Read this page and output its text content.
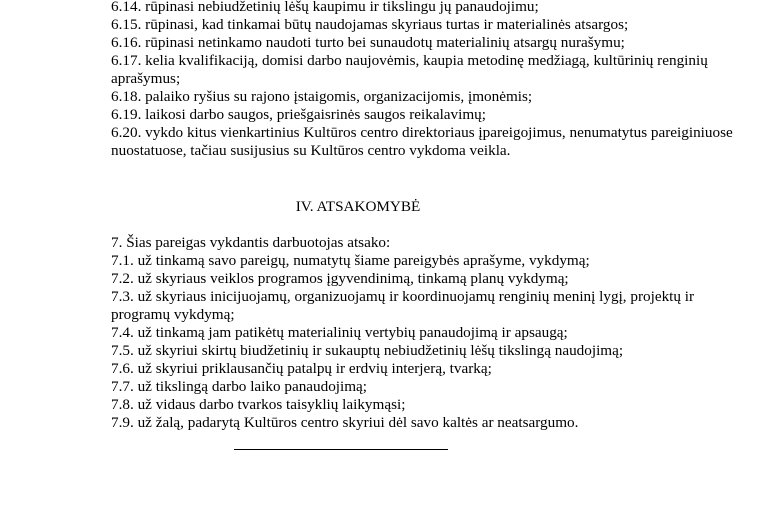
6.14. rūpinasi nebiudžetinių lėšų kaupimu ir tikslingu jų panaudojimu;

6.15. rūpinasi, kad tinkamai būtų naudojamas skyriaus turtas ir materialinės atsargos;

6.16. rūpinasi netinkamo naudoti turto bei sunaudotų materialinių atsargų nurašymu;

6.17. kelia kvalifikaciją, domisi darbo naujovėmis, kaupia metodinę medžiagą, kultūrinių renginių aprašymus;

6.18. palaiko ryšius su rajono įstaigomis, organizacijomis, įmonėmis;

6.19. laikosi darbo saugos, priešgaisrinės saugos reikalavimų;

6.20. vykdo kitus vienkartinius Kultūros centro direktoriaus įpareigojimus, nenumatytus pareiginiuose nuostatuose, tačiau susijusius su Kultūros centro vykdoma veikla.

IV. ATSAKOMYBĖ

7. Šias pareigas vykdantis darbuotojas atsako:

7.1. už tinkamą savo pareigų, numatytų šiame pareigybės aprašyme, vykdymą;

7.2. už skyriaus veiklos programos įgyvendinimą, tinkamą planų vykdymą;

7.3. už skyriaus inicijuojamų, organizuojamų ir koordinuojamų renginių meninį lygį, projektų ir programų vykdymą;

7.4. už tinkamą jam patikėtų materialinių vertybių panaudojimą ir apsaugą;

7.5. už skyriui skirtų biudžetinių ir sukauptų nebiudžetinių lėšų tikslingą naudojimą;

7.6. už skyriui priklausančių patalpų ir erdvių interjerą, tvarką;

7.7. už tikslingą darbo laiko panaudojimą;

7.8. už vidaus darbo tvarkos taisyklių laikymąsi;

7.9. už žalą, padarytą Kultūros centro skyriui dėl savo kaltės ar neatsargumo.
